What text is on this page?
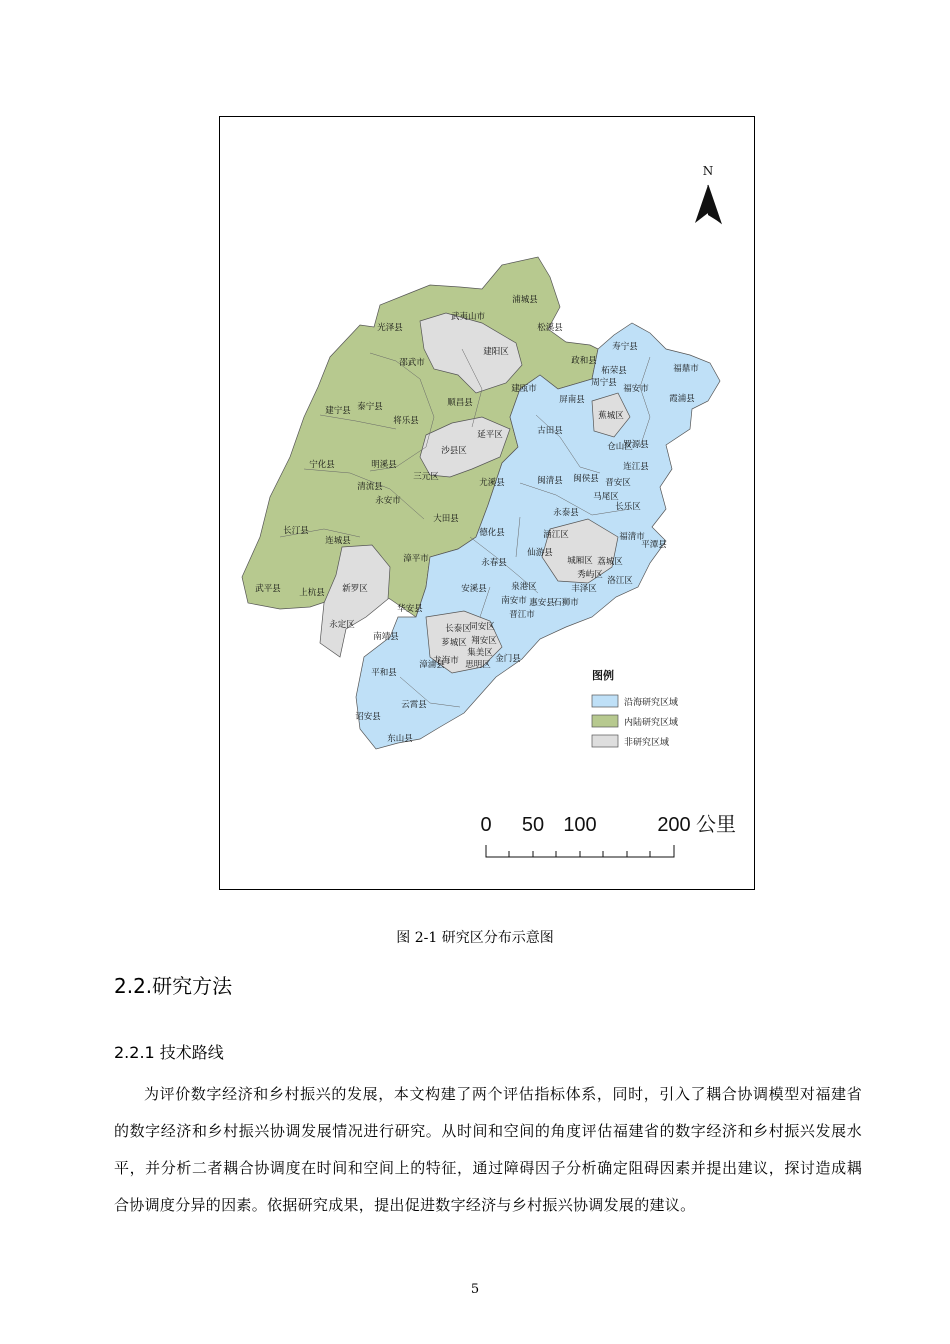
N
浦城县
武夷山市
松溪县
光泽县
政和县
邵武市
顺昌县
建瓯市
建宁县 泰宁县
将乐县
宁化县	明溪县
清流县
永安市
尤溪县
大田县
长汀县
连城县
武平县 上杭县
漳平市
寿宁县
柘荣县	福鼎市
周宁县
福安市
屏南县	霞浦县
古田县
罗源县
连江县
闽清县 闽侯县 晋安区
马尾区
长乐区
永泰县
德化县
永春县
仙游县
福清市
平潭县
安溪县
南安市
华安县
南靖县
平和县
漳浦县
云霄县
诏安县
东山县
涵江区
城厢区 荔城区
秀屿区
洛江区
泉港区	丰泽区
惠安县
晋江市
石狮市
长泰区
同安区
芗城区 翔安区
龙海市
集美区
思明区
金门县
建阳区
延平区
沙县区
三元区
新罗区
永定区
蕉城区
仓山区
图例
沿海研究区域
内陆研究区域
非研究区域
0 50 100	200 公里
图 2-1 研究区分布示意图
2.2.研究方法
2.2.1 技术路线
为评价数字经济和乡村振兴的发展，本文构建了两个评估指标体系，同时，引入了耦合协调模型对福建省的数字经济和乡村振兴协调发展情况进行研究。从时间和空间的角度评估福建省的数字经济和乡村振兴发展水平，并分析二者耦合协调度在时间和空间上的特征，通过障碍因子分析确定阻碍因素并提出建议，探讨造成耦合协调度分异的因素。依据研究成果，提出促进数字经济与乡村振兴协调发展的建议。
5
